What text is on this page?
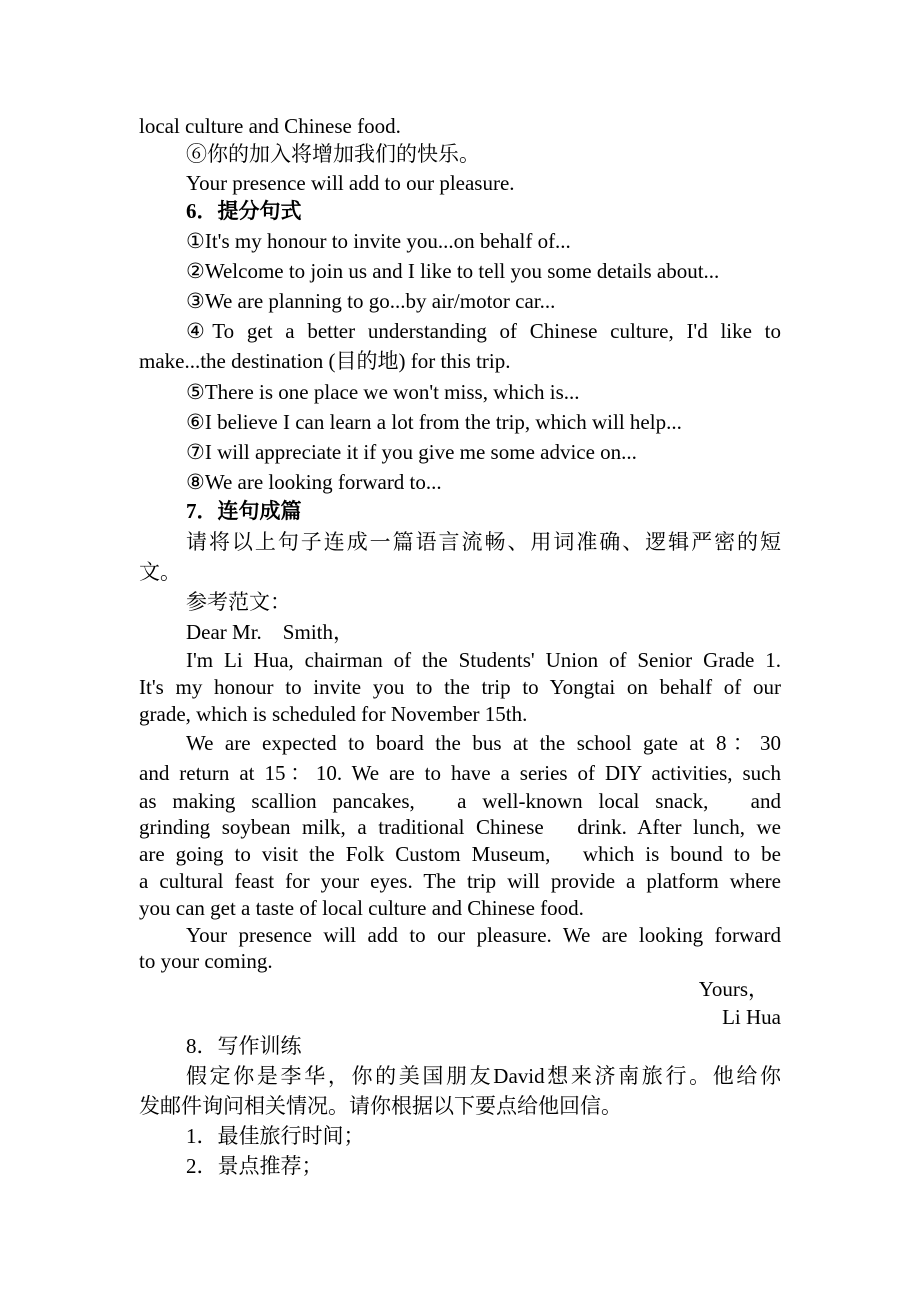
local culture and Chinese food.
⑥你的加入将增加我们的快乐。
Your presence will add to our pleasure.
6．提分句式
①It's my honour to invite you...on behalf of...
②Welcome to join us and I like to tell you some details about...
③We are planning to go...by air/motor car...
④To get a better understanding of Chinese culture, I'd like to
make...the destination (目的地) for this trip.
⑤There is one place we won't miss, which is...
⑥I believe I can learn a lot from the trip, which will help...
⑦I will appreciate it if you give me some advice on...
⑧We are looking forward to...
7．连句成篇
请将以上句子连成一篇语言流畅、用词准确、逻辑严密的短
文。
参考范文：
Dear Mr.　Smith，
I'm Li Hua, chairman of the Students' Union of Senior Grade 1.
It's my honour to invite you to the trip to Yongtai on behalf of our
grade, which is scheduled for November 15th.
We are expected to board the bus at the school gate at 8：30
and return at 15：10. We are to have a series of DIY activities, such
as making scallion pancakes,　a well-known local snack,　and
grinding soybean milk, a traditional Chinese　drink. After lunch, we
are going to visit the Folk Custom Museum,　which is bound to be
a cultural feast for your eyes. The trip will provide a platform where
you can get a taste of local culture and Chinese food.
Your presence will add to our pleasure. We are looking forward
to your coming.
Yours，
Li Hua
8．写作训练
假定你是李华，你的美国朋友David想来济南旅行。他给你
发邮件询问相关情况。请你根据以下要点给他回信。
1．最佳旅行时间；
2．景点推荐；
